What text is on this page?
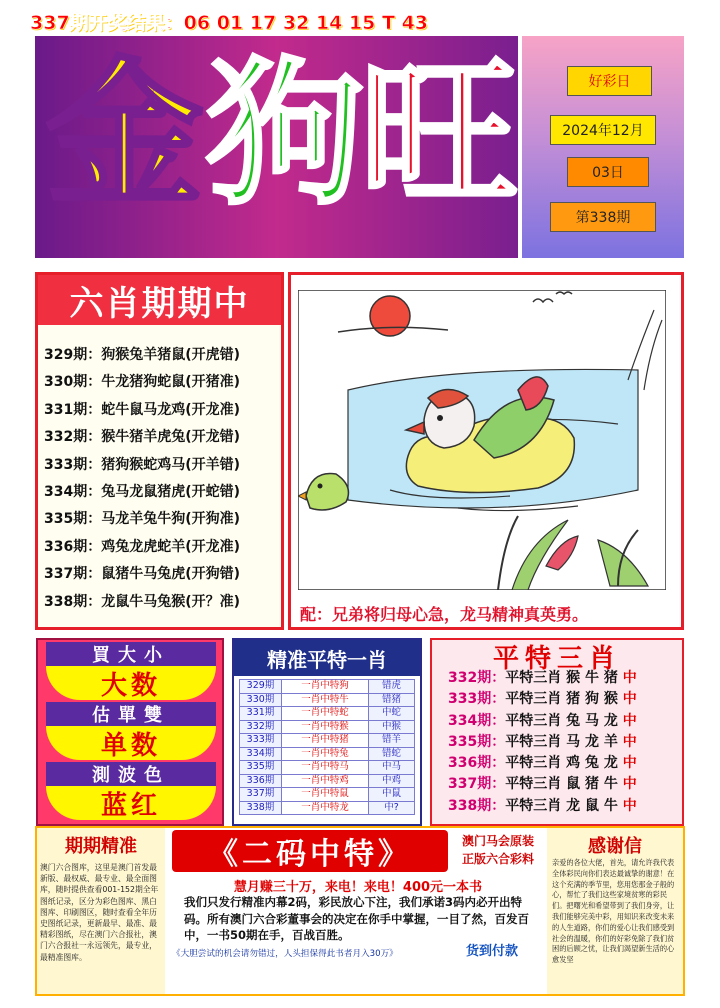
337期开奖结果：06 01 17 32 14 15 T 43
金 狗
旺	好彩日
2024年12月
03日
第338期
六肖期期中
329期：狗猴兔羊猪鼠(开虎错)
330期：牛龙猪狗蛇鼠(开猪准)
331期：蛇牛鼠马龙鸡(开龙准)
332期：猴牛猪羊虎兔(开龙错)
333期：猪狗猴蛇鸡马(开羊错)
334期：兔马龙鼠猪虎(开蛇错)
335期：马龙羊兔牛狗(开狗准)
336期：鸡兔龙虎蛇羊(开龙准)
337期：鼠猪牛马兔虎(开狗错)
338期：龙鼠牛马兔猴(开？准)
配：兄弟将归母心急，龙马精神真英勇。
買大小
大数
估單雙
单数
測波色
蓝红
精准平特一肖
329期	一肖中特狗	错虎
330期	一肖中特牛	错猪
331期	一肖中特蛇	中蛇
332期	一肖中特猴	中猴
333期	一肖中特猪	错羊
334期	一肖中特兔	错蛇
335期	一肖中特马	中马
336期	一肖中特鸡	中鸡
337期	一肖中特鼠	中鼠
338期	一肖中特龙	中?
平特三肖
332期：平特三肖 猴 牛 猪 中
333期：平特三肖 猪 狗 猴 中
334期：平特三肖 兔 马 龙 中
335期：平特三肖 马 龙 羊 中
336期：平特三肖 鸡 兔 龙 中
337期：平特三肖 鼠 猪 牛 中
338期：平特三肖 龙 鼠 牛 中
期期精准
澳门六合图库，这里是澳门首发最新版、最权威、最专业、最全面图库，随时提供查看001-152期全年图纸记录，区分为彩色图库、黑白图库、印刷图区，随时查看全年历史图纸记录，更新最早、最准、最精彩图纸，尽在澳门六合报社，澳门六合报社一永远领先，最专业，最精准图库。
《二码中特》	澳门马会原装
正版六合彩料
慧月赚三十万，来电！来电！400元一本书
我们只发行精准内幕2码，彩民放心下注，我们承诺3码内必开出特码。所有澳门六合彩董事会的决定在你手中掌握，一目了然，百发百中，一书50期在手，百战百胜。
《大胆尝试的机会请勿错过，人头担保得此书者月入30万》	货到付款
感谢信
亲爱的各位大佬，首先，请允许我代表全体彩民向你们表达最诚挚的谢意！在这个充满的季节里，您用您那金子般的心，帮忙了我们这些家境贫寒的彩民们。把曙光和希望带到了我们身旁，让我们能够完美中彩，用知识来改变未来的人生道路，你们的爱心让我们感受到社会的温暖，你们的好彩免除了我们贫困的后顾之忧，让我们渴望新生活的心愈发坚
